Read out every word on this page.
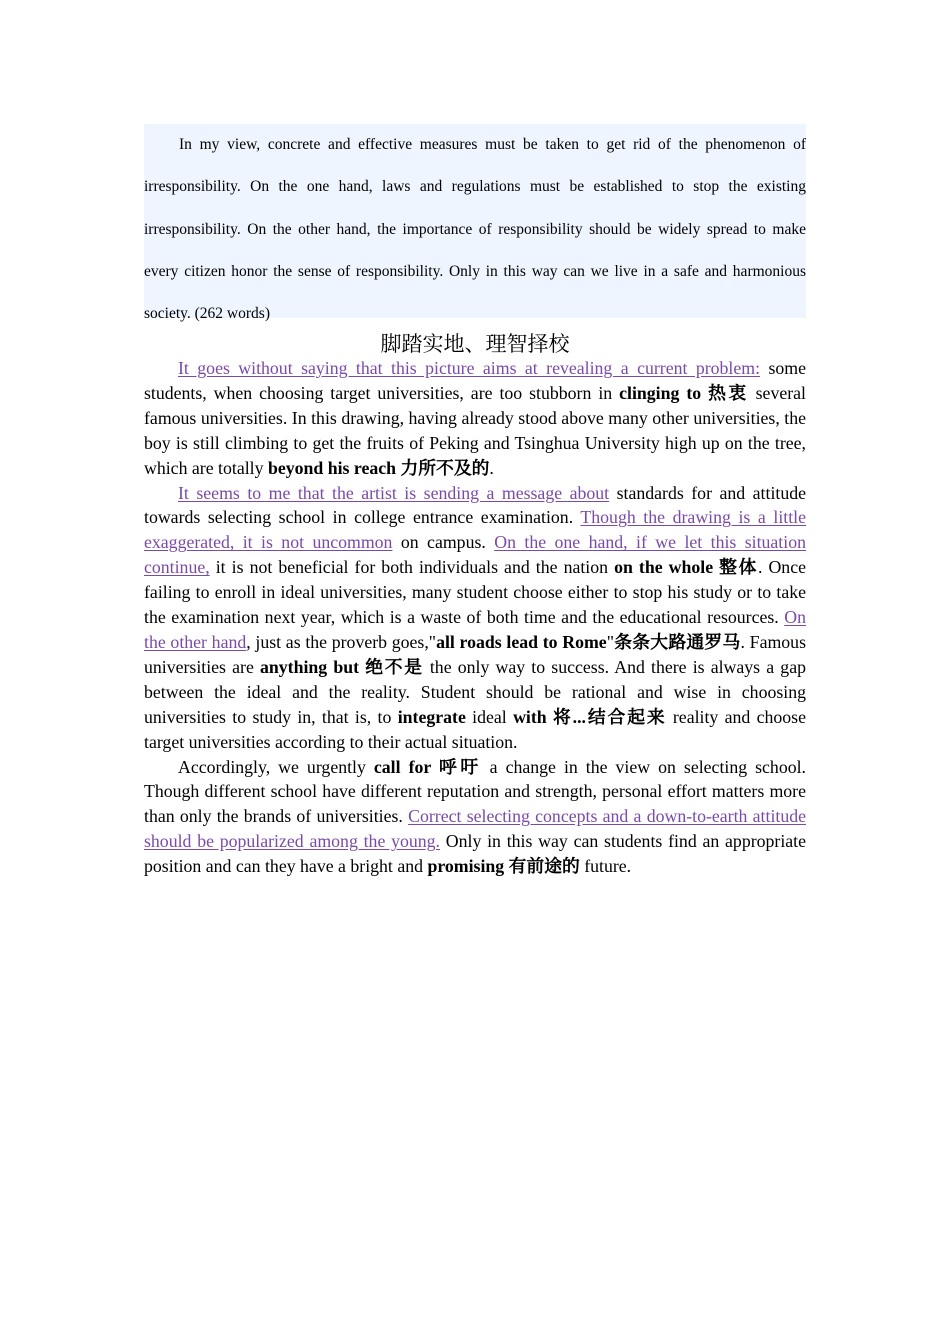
In my view, concrete and effective measures must be taken to get rid of the phenomenon of irresponsibility. On the one hand, laws and regulations must be established to stop the existing irresponsibility. On the other hand, the importance of responsibility should be widely spread to make every citizen honor the sense of responsibility. Only in this way can we live in a safe and harmonious society. (262 words)

脚踏实地、理智择校

It goes without saying that this picture aims at revealing a current problem: some students, when choosing target universities, are too stubborn in clinging to 热衷 several famous universities. In this drawing, having already stood above many other universities, the boy is still climbing to get the fruits of Peking and Tsinghua University high up on the tree, which are totally beyond his reach 力所不及的.

It seems to me that the artist is sending a message about standards for and attitude towards selecting school in college entrance examination. Though the drawing is a little exaggerated, it is not uncommon on campus. On the one hand, if we let this situation continue, it is not beneficial for both individuals and the nation on the whole 整体. Once failing to enroll in ideal universities, many student choose either to stop his study or to take the examination next year, which is a waste of both time and the educational resources. On the other hand, just as the proverb goes,"all roads lead to Rome"条条大路通罗马. Famous universities are anything but 绝不是 the only way to success. And there is always a gap between the ideal and the reality. Student should be rational and wise in choosing universities to study in, that is, to integrate ideal with 将...结合起来 reality and choose target universities according to their actual situation.

Accordingly, we urgently call for 呼吁 a change in the view on selecting school. Though different school have different reputation and strength, personal effort matters more than only the brands of universities. Correct selecting concepts and a down-to-earth attitude should be popularized among the young. Only in this way can students find an appropriate position and can they have a bright and promising 有前途的 future.
